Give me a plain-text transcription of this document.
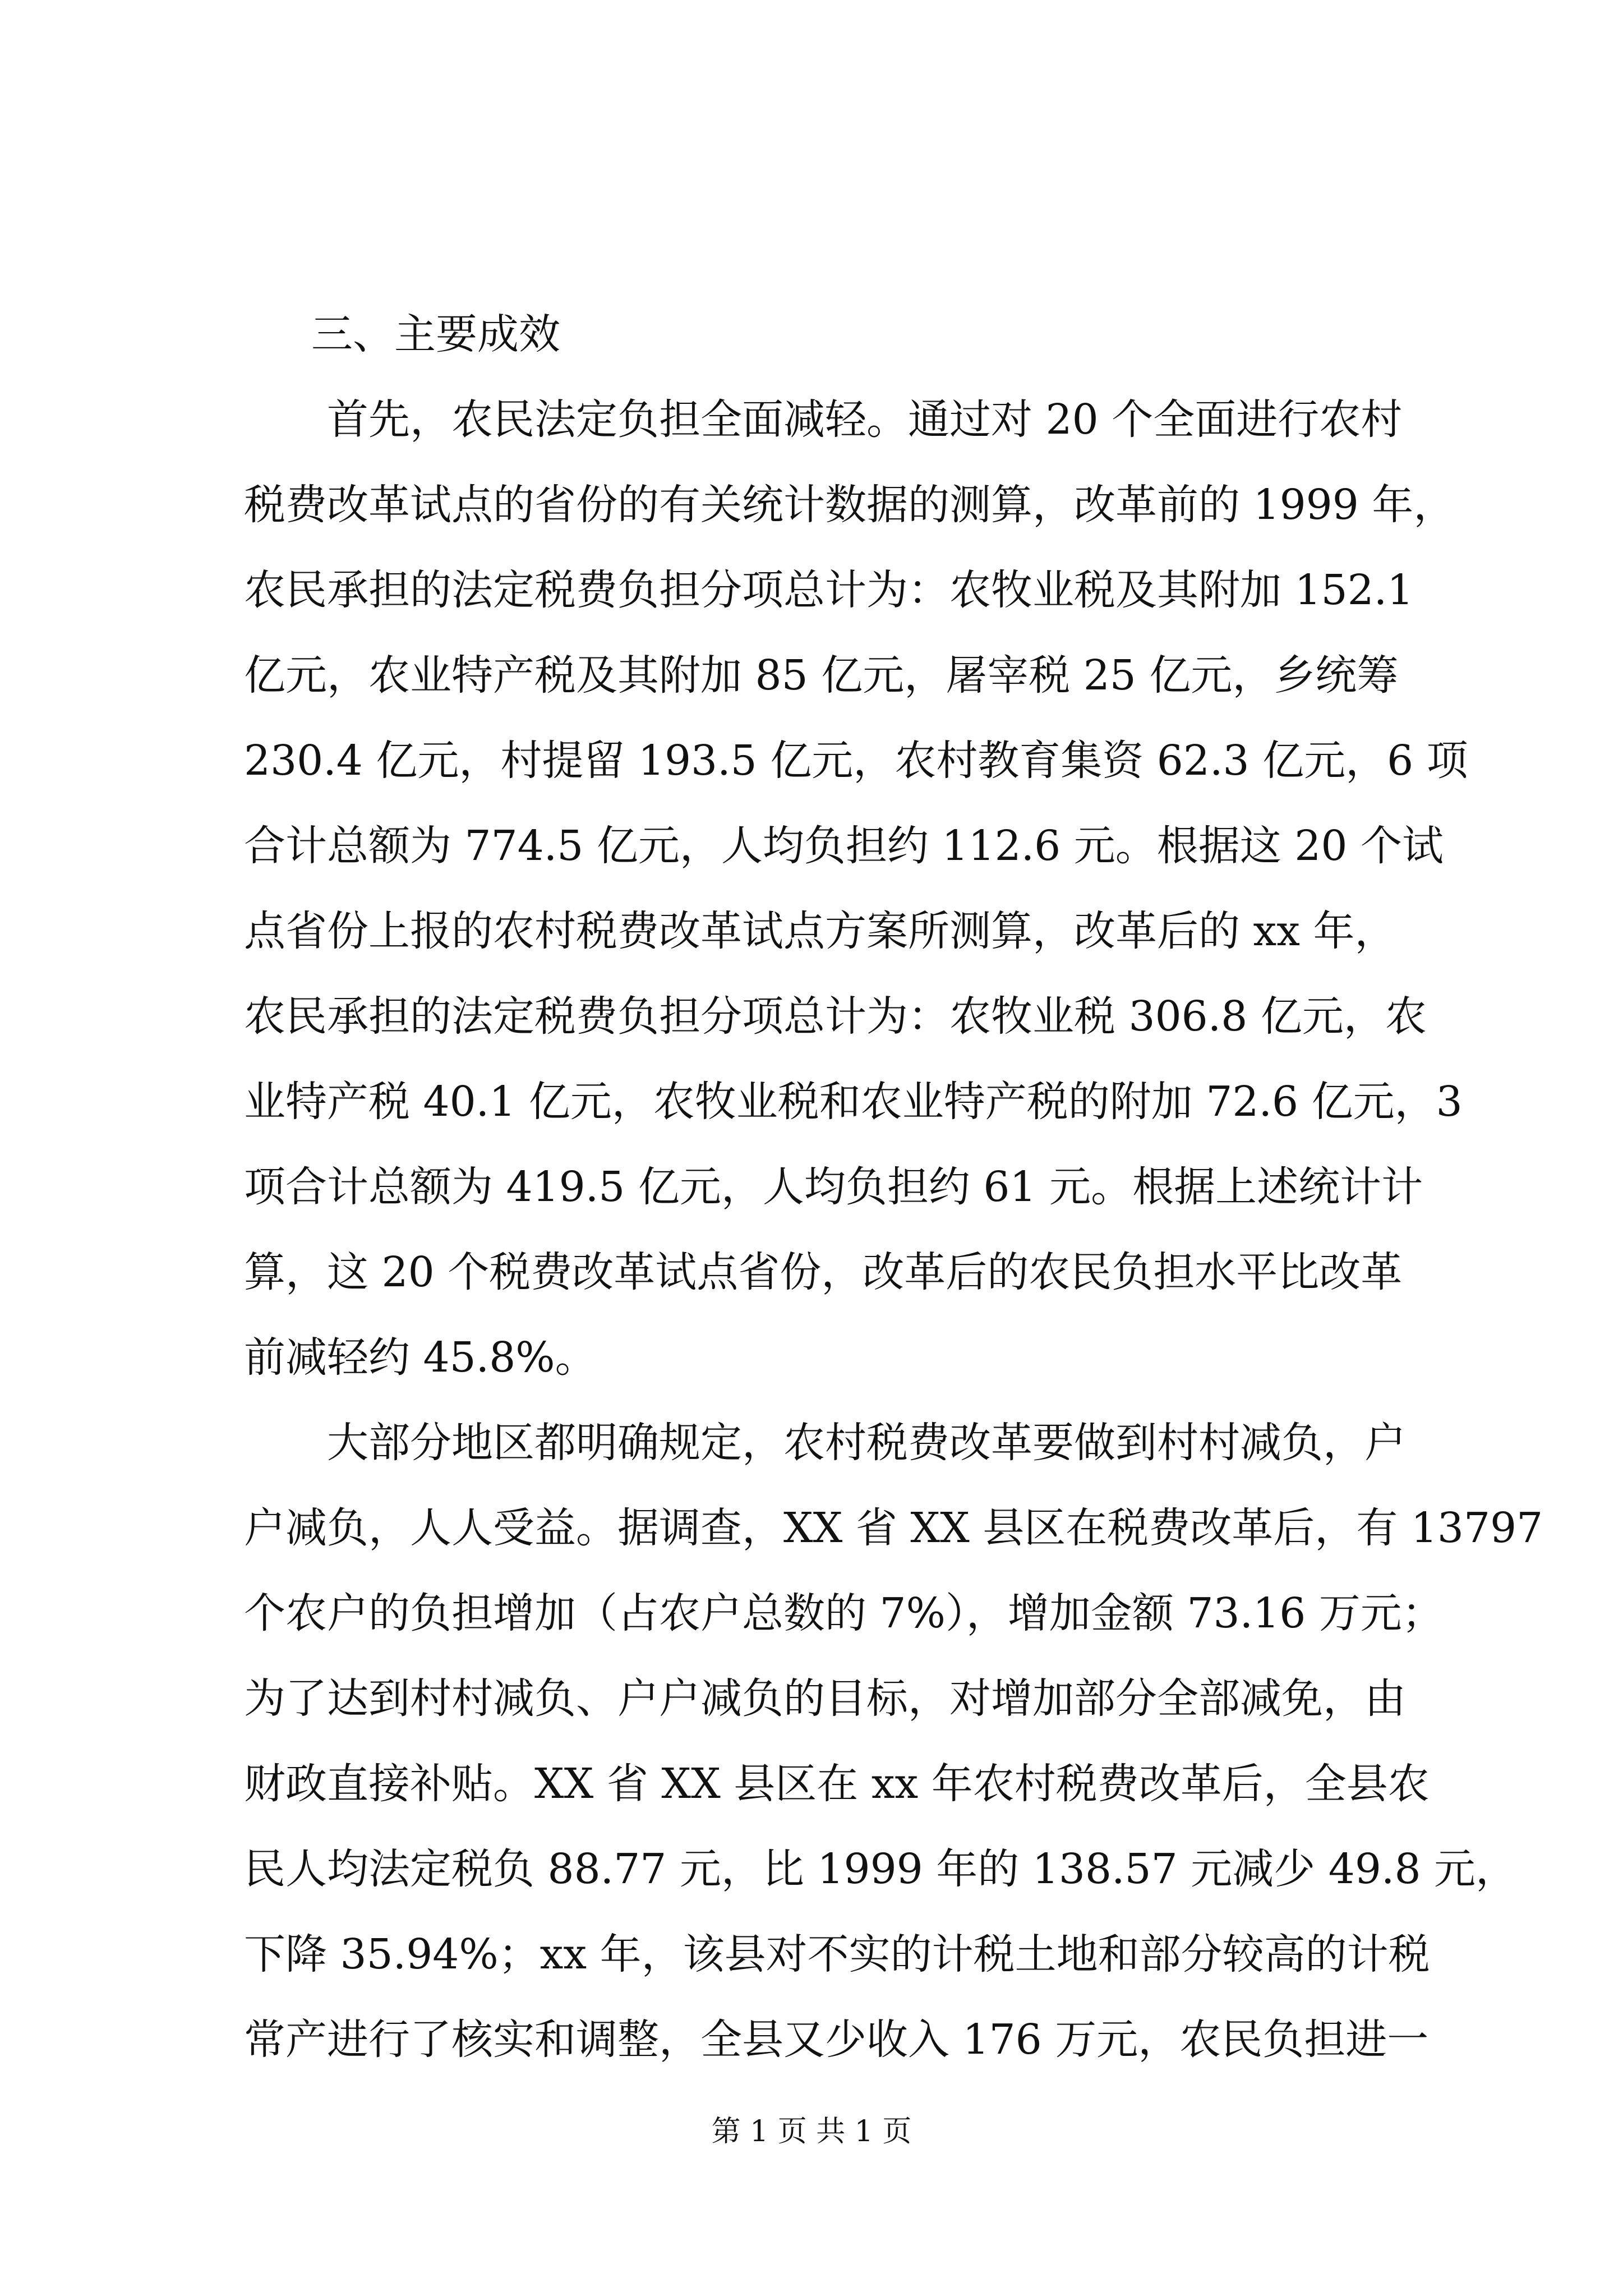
三、主要成效
　　首先，农民法定负担全面减轻。通过对 20 个全面进行农村
税费改革试点的省份的有关统计数据的测算，改革前的 1999 年，
农民承担的法定税费负担分项总计为：农牧业税及其附加 152.1
亿元，农业特产税及其附加 85 亿元，屠宰税 25 亿元，乡统筹
230.4 亿元，村提留 193.5 亿元，农村教育集资 62.3 亿元，6 项
合计总额为 774.5 亿元，人均负担约 112.6 元。根据这 20 个试
点省份上报的农村税费改革试点方案所测算，改革后的 xx 年，
农民承担的法定税费负担分项总计为：农牧业税 306.8 亿元，农
业特产税 40.1 亿元，农牧业税和农业特产税的附加 72.6 亿元，3
项合计总额为 419.5 亿元，人均负担约 61 元。根据上述统计计
算，这 20 个税费改革试点省份，改革后的农民负担水平比改革
前减轻约 45.8%。
　　大部分地区都明确规定，农村税费改革要做到村村减负，户
户减负，人人受益。据调查，XX 省 XX 县区在税费改革后，有 13797
个农户的负担增加（占农户总数的 7%），增加金额 73.16 万元；
为了达到村村减负、户户减负的目标，对增加部分全部减免，由
财政直接补贴。XX 省 XX 县区在 xx 年农村税费改革后，全县农
民人均法定税负 88.77 元，比 1999 年的 138.57 元减少 49.8 元，
下降 35.94%；xx 年，该县对不实的计税土地和部分较高的计税
常产进行了核实和调整，全县又少收入 176 万元，农民负担进一
第 1 页 共 1 页
